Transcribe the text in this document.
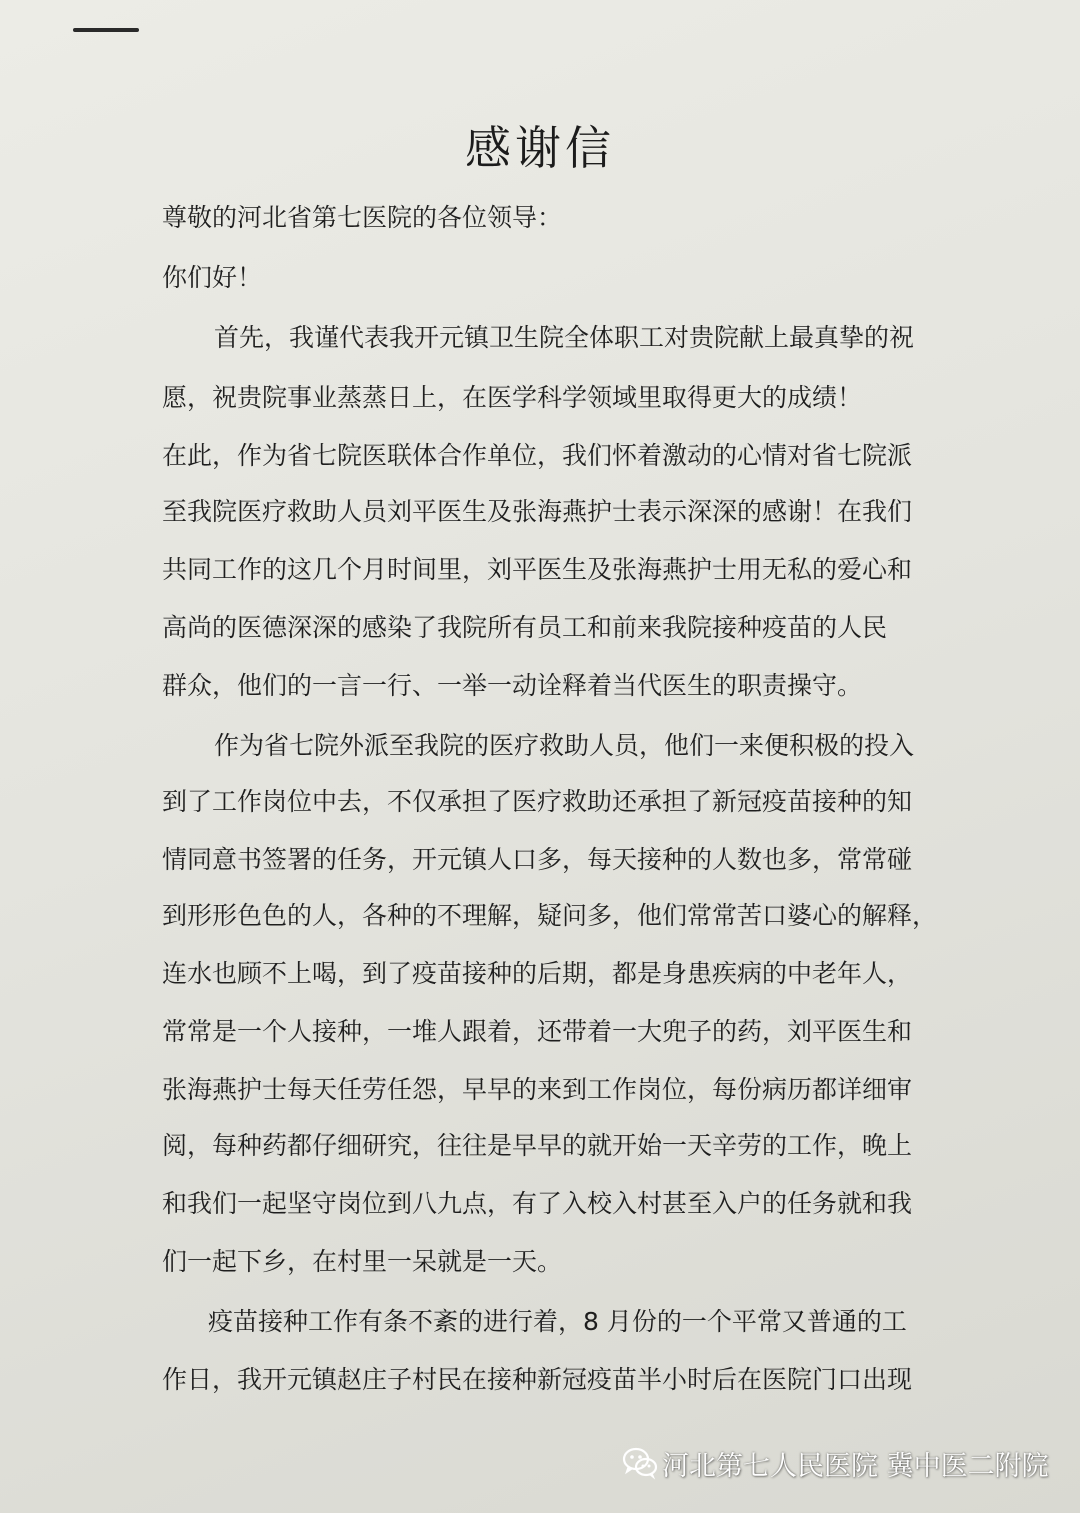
感谢信

尊敬的河北省第七医院的各位领导：

你们好！

首先，我谨代表我开元镇卫生院全体职工对贵院献上最真挚的祝

愿，祝贵院事业蒸蒸日上，在医学科学领域里取得更大的成绩！

在此，作为省七院医联体合作单位，我们怀着激动的心情对省七院派

至我院医疗救助人员刘平医生及张海燕护士表示深深的感谢！在我们

共同工作的这几个月时间里，刘平医生及张海燕护士用无私的爱心和

高尚的医德深深的感染了我院所有员工和前来我院接种疫苗的人民

群众，他们的一言一行、一举一动诠释着当代医生的职责操守。

作为省七院外派至我院的医疗救助人员，他们一来便积极的投入

到了工作岗位中去，不仅承担了医疗救助还承担了新冠疫苗接种的知

情同意书签署的任务，开元镇人口多，每天接种的人数也多，常常碰

到形形色色的人，各种的不理解，疑问多，他们常常苦口婆心的解释，

连水也顾不上喝，到了疫苗接种的后期，都是身患疾病的中老年人，

常常是一个人接种，一堆人跟着，还带着一大兜子的药，刘平医生和

张海燕护士每天任劳任怨，早早的来到工作岗位，每份病历都详细审

阅，每种药都仔细研究，往往是早早的就开始一天辛劳的工作，晚上

和我们一起坚守岗位到八九点，有了入校入村甚至入户的任务就和我

们一起下乡，在村里一呆就是一天。

疫苗接种工作有条不紊的进行着，8 月份的一个平常又普通的工

作日，我开元镇赵庄子村民在接种新冠疫苗半小时后在医院门口出现

河北第七人民医院 冀中医二附院
